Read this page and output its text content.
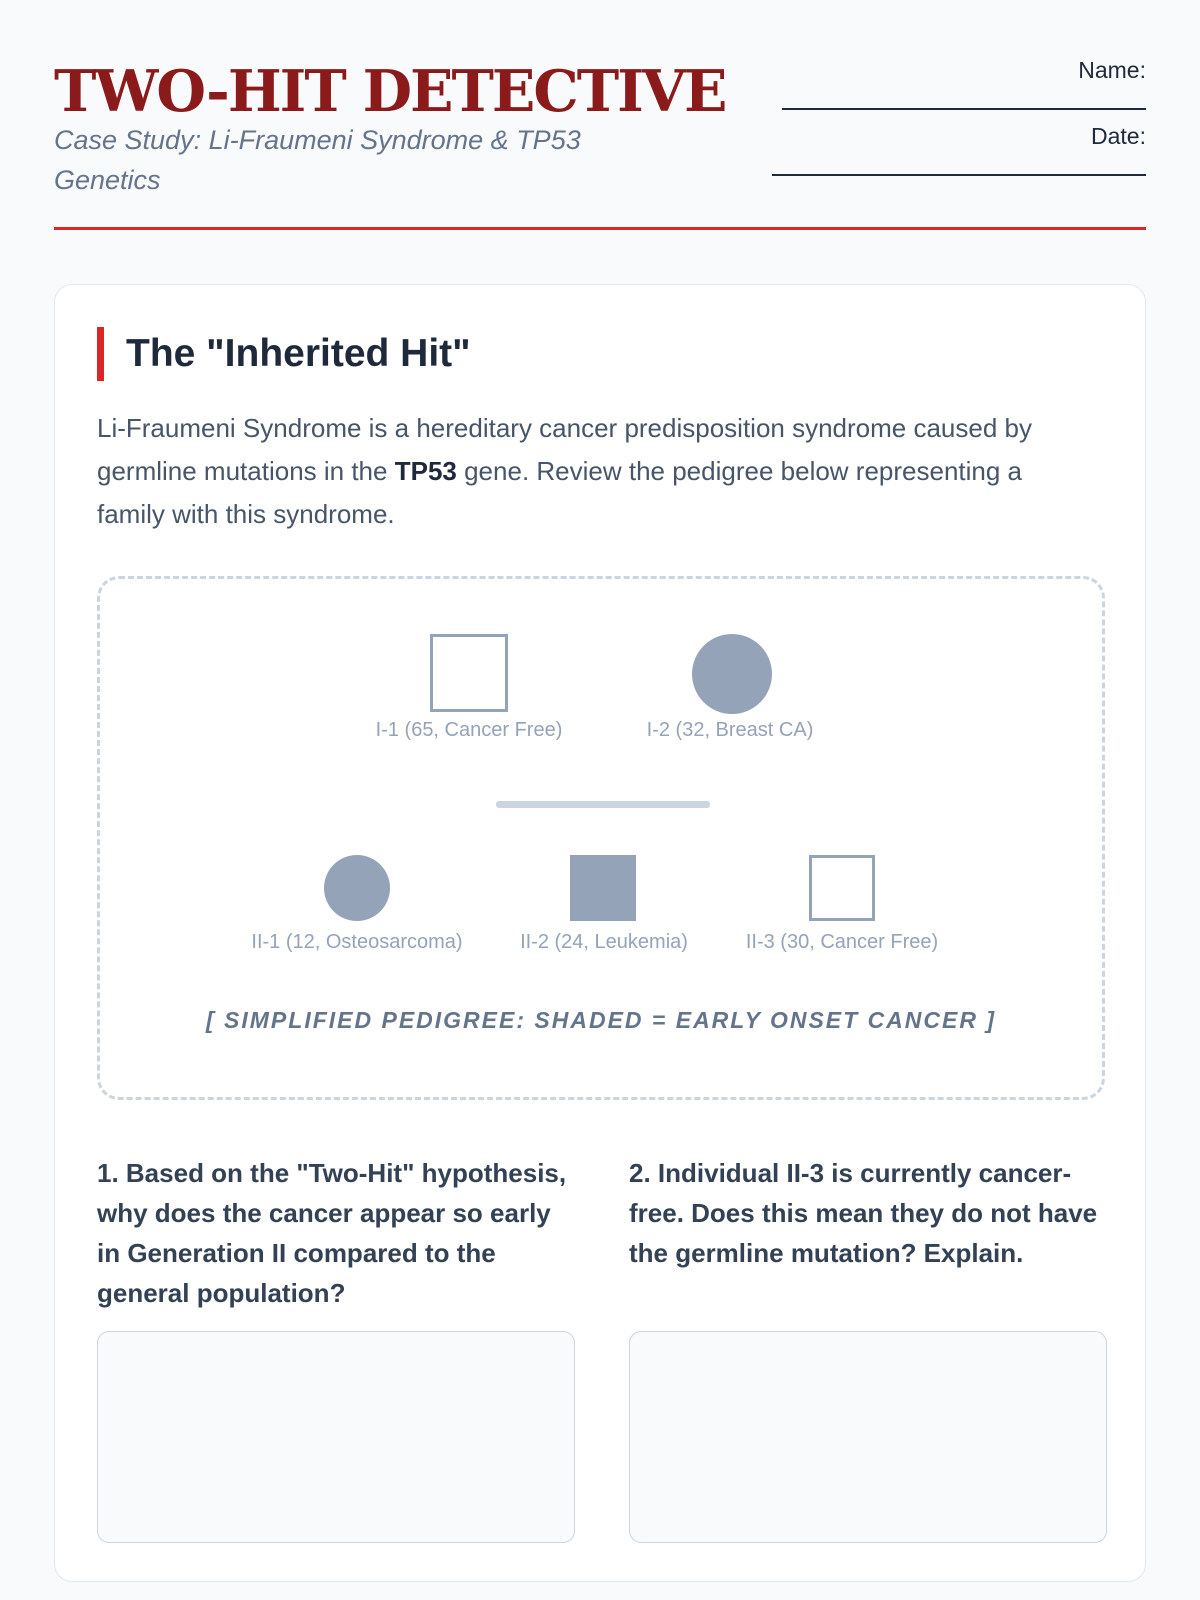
TWO-HIT DETECTIVE
Case Study: Li-Fraumeni Syndrome & TP53 Genetics
Name:
Date:
The "Inherited Hit"

Li-Fraumeni Syndrome is a hereditary cancer predisposition syndrome caused by germline mutations in the TP53 gene. Review the pedigree below representing a family with this syndrome.

I-1 (65, Cancer Free)	I-2 (32, Breast CA)
II-1 (12, Osteosarcoma)	II-2 (24, Leukemia)	II-3 (30, Cancer Free)
[ SIMPLIFIED PEDIGREE: SHADED = EARLY ONSET CANCER ]
1. Based on the "Two-Hit" hypothesis, why does the cancer appear so early in Generation II compared to the general population?
2. Individual II-3 is currently cancer-free. Does this mean they do not have the germline mutation? Explain.
